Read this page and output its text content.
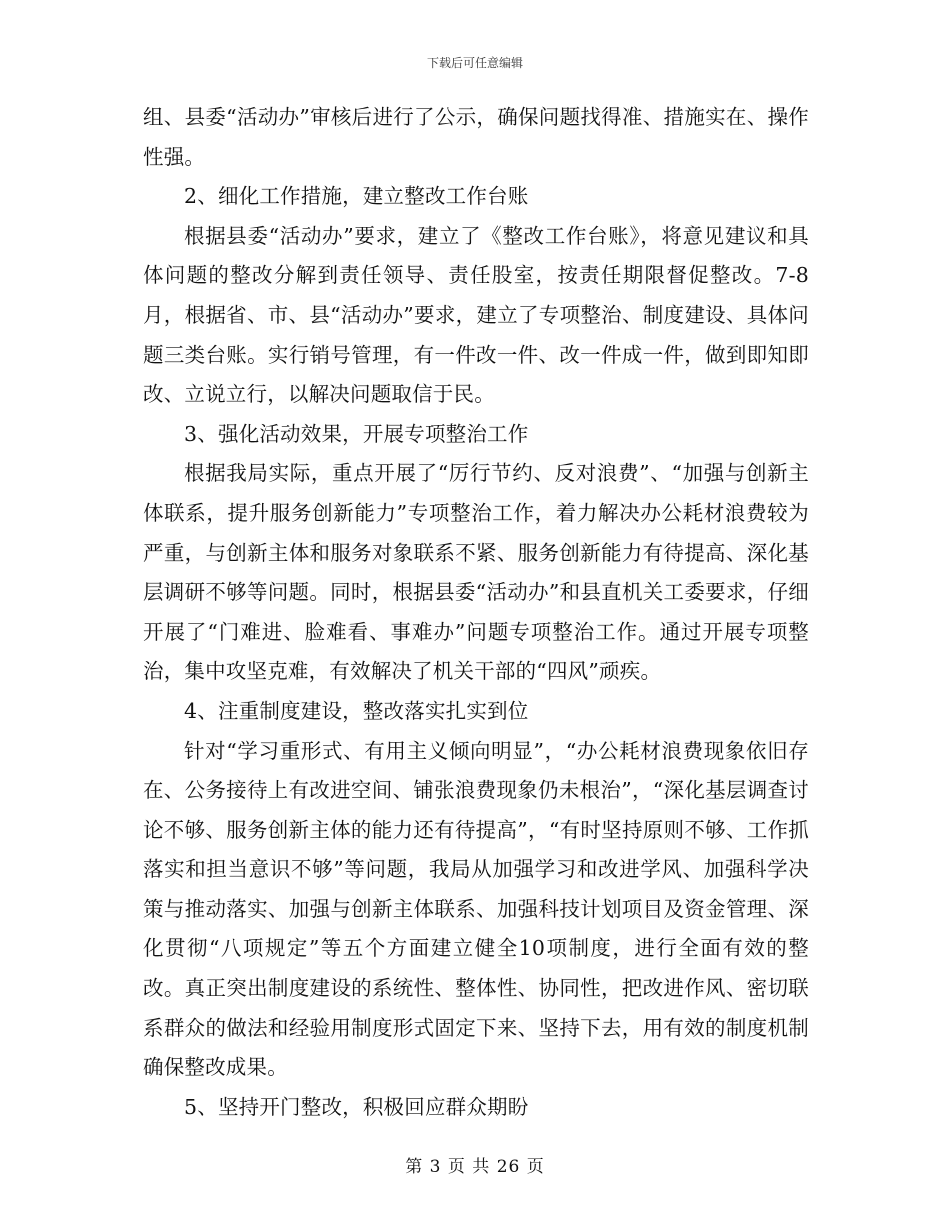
下载后可任意编辑

组、县委“活动办”审核后进行了公示，确保问题找得准、措施实在、操作性强。

2、细化工作措施，建立整改工作台账

根据县委“活动办”要求，建立了《整改工作台账》，将意见建议和具体问题的整改分解到责任领导、责任股室，按责任期限督促整改。7-8月，根据省、市、县“活动办”要求，建立了专项整治、制度建设、具体问题三类台账。实行销号管理，有一件改一件、改一件成一件，做到即知即改、立说立行，以解决问题取信于民。

3、强化活动效果，开展专项整治工作

根据我局实际，重点开展了“厉行节约、反对浪费”、“加强与创新主体联系，提升服务创新能力”专项整治工作，着力解决办公耗材浪费较为严重，与创新主体和服务对象联系不紧、服务创新能力有待提高、深化基层调研不够等问题。同时，根据县委“活动办”和县直机关工委要求，仔细开展了“门难进、脸难看、事难办”问题专项整治工作。通过开展专项整治，集中攻坚克难，有效解决了机关干部的“四风”顽疾。

4、注重制度建设，整改落实扎实到位

针对“学习重形式、有用主义倾向明显”，“办公耗材浪费现象依旧存在、公务接待上有改进空间、铺张浪费现象仍未根治”，“深化基层调查讨论不够、服务创新主体的能力还有待提高”，“有时坚持原则不够、工作抓落实和担当意识不够”等问题，我局从加强学习和改进学风、加强科学决策与推动落实、加强与创新主体联系、加强科技计划项目及资金管理、深化贯彻“八项规定”等五个方面建立健全10项制度，进行全面有效的整改。真正突出制度建设的系统性、整体性、协同性，把改进作风、密切联系群众的做法和经验用制度形式固定下来、坚持下去，用有效的制度机制确保整改成果。

5、坚持开门整改，积极回应群众期盼

第 3 页 共 26 页
